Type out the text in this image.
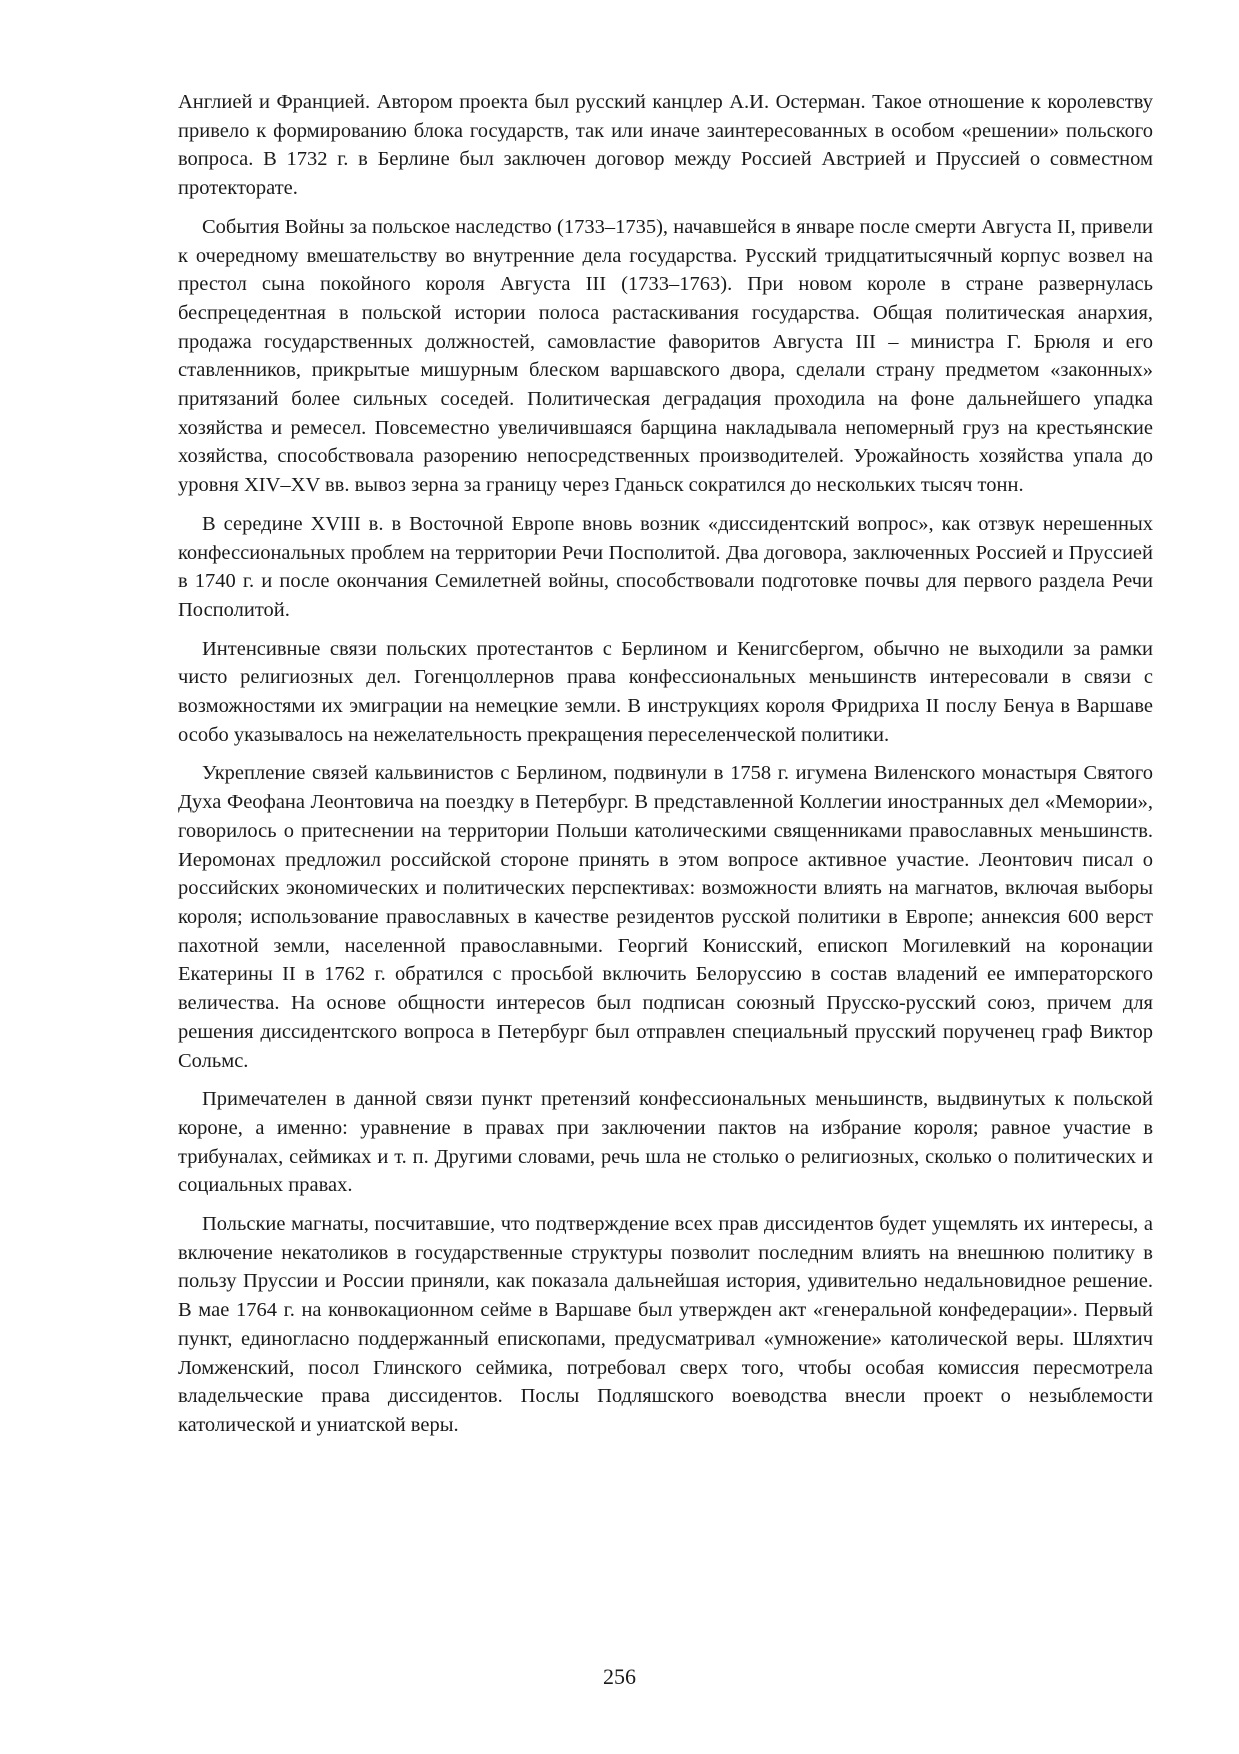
Англией и Францией. Автором проекта был русский канцлер А.И. Остерман. Такое отношение к королевству привело к формированию блока государств, так или иначе заинтересованных в особом «решении» польского вопроса. В 1732 г. в Берлине был заключен договор между Россией Австрией и Пруссией о совместном протекторате.

События Войны за польское наследство (1733–1735), начавшейся в январе после смерти Августа II, привели к очередному вмешательству во внутренние дела государства. Русский тридцатитысячный корпус возвел на престол сына покойного короля Августа III (1733–1763). При новом короле в стране развернулась беспрецедентная в польской истории полоса растаскивания государства. Общая политическая анархия, продажа государственных должностей, самовластие фаворитов Августа III – министра Г. Брюля и его ставленников, прикрытые мишурным блеском варшавского двора, сделали страну предметом «законных» притязаний более сильных соседей. Политическая деградация проходила на фоне дальнейшего упадка хозяйства и ремесел. Повсеместно увеличившаяся барщина накладывала непомерный груз на крестьянские хозяйства, способствовала разорению непосредственных производителей. Урожайность хозяйства упала до уровня XIV–XV вв. вывоз зерна за границу через Гданьск сократился до нескольких тысяч тонн.

В середине XVIII в. в Восточной Европе вновь возник «диссидентский вопрос», как отзвук нерешенных конфессиональных проблем на территории Речи Посполитой. Два договора, заключенных Россией и Пруссией в 1740 г. и после окончания Семилетней войны, способствовали подготовке почвы для первого раздела Речи Посполитой.

Интенсивные связи польских протестантов с Берлином и Кенигсбергом, обычно не выходили за рамки чисто религиозных дел. Гогенцоллернов права конфессиональных меньшинств интересовали в связи с возможностями их эмиграции на немецкие земли. В инструкциях короля Фридриха II послу Бенуа в Варшаве особо указывалось на нежелательность прекращения переселенческой политики.

Укрепление связей кальвинистов с Берлином, подвинули в 1758 г. игумена Виленского монастыря Святого Духа Феофана Леонтовича на поездку в Петербург. В представленной Коллегии иностранных дел «Мемории», говорилось о притеснении на территории Польши католическими священниками православных меньшинств. Иеромонах предложил российской стороне принять в этом вопросе активное участие. Леонтович писал о российских экономических и политических перспективах: возможности влиять на магнатов, включая выборы короля; использование православных в качестве резидентов русской политики в Европе; аннексия 600 верст пахотной земли, населенной православными. Георгий Конисский, епископ Могилевкий на коронации Екатерины II в 1762 г. обратился с просьбой включить Белоруссию в состав владений ее императорского величества. На основе общности интересов был подписан союзный Прусско-русский союз, причем для решения диссидентского вопроса в Петербург был отправлен специальный прусский порученец граф Виктор Сольмс.

Примечателен в данной связи пункт претензий конфессиональных меньшинств, выдвинутых к польской короне, а именно: уравнение в правах при заключении пактов на избрание короля; равное участие в трибуналах, сеймиках и т. п. Другими словами, речь шла не столько о религиозных, сколько о политических и социальных правах.

Польские магнаты, посчитавшие, что подтверждение всех прав диссидентов будет ущемлять их интересы, а включение некатоликов в государственные структуры позволит последним влиять на внешнюю политику в пользу Пруссии и России приняли, как показала дальнейшая история, удивительно недальновидное решение. В мае 1764 г. на конвокационном сейме в Варшаве был утвержден акт «генеральной конфедерации». Первый пункт, единогласно поддержанный епископами, предусматривал «умножение» католической веры. Шляхтич Ломженский, посол Глинского сеймика, потребовал сверх того, чтобы особая комиссия пересмотрела владельческие права диссидентов. Послы Подляшского воеводства внесли проект о незыблемости католической и униатской веры.

256
